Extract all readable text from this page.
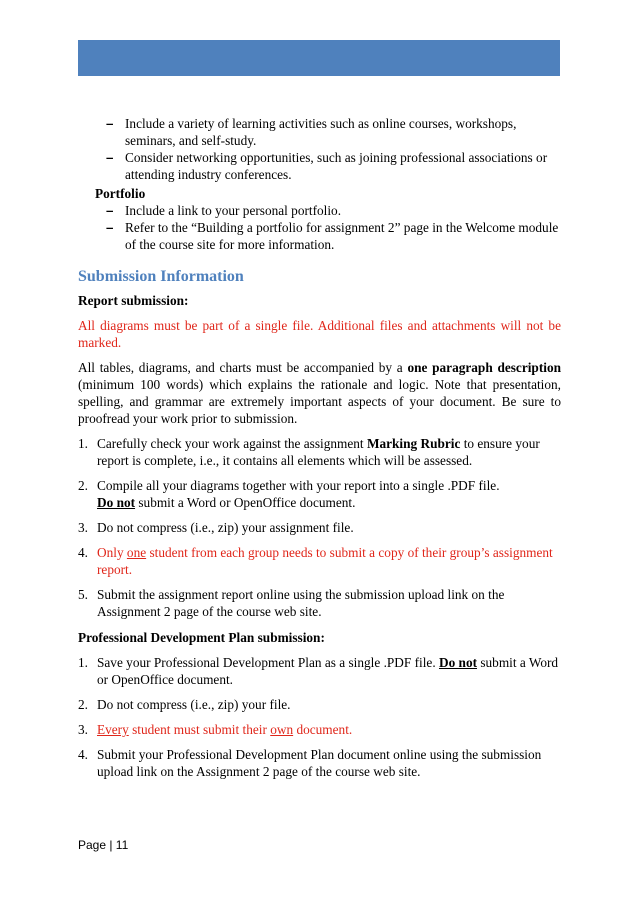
– Include a variety of learning activities such as online courses, workshops, seminars, and self-study.
– Consider networking opportunities, such as joining professional associations or attending industry conferences.
Portfolio
– Include a link to your personal portfolio.
– Refer to the “Building a portfolio for assignment 2” page in the Welcome module of the course site for more information.
Submission Information
Report submission:
All diagrams must be part of a single file. Additional files and attachments will not be marked.
All tables, diagrams, and charts must be accompanied by a one paragraph description (minimum 100 words) which explains the rationale and logic. Note that presentation, spelling, and grammar are extremely important aspects of your document. Be sure to proofread your work prior to submission.
1. Carefully check your work against the assignment Marking Rubric to ensure your report is complete, i.e., it contains all elements which will be assessed.
2. Compile all your diagrams together with your report into a single .PDF file.
Do not submit a Word or OpenOffice document.
3. Do not compress (i.e., zip) your assignment file.
4. Only one student from each group needs to submit a copy of their group’s assignment report.
5. Submit the assignment report online using the submission upload link on the Assignment 2 page of the course web site.
Professional Development Plan submission:
1. Save your Professional Development Plan as a single .PDF file. Do not submit a Word or OpenOffice document.
2. Do not compress (i.e., zip) your file.
3. Every student must submit their own document.
4. Submit your Professional Development Plan document online using the submission upload link on the Assignment 2 page of the course web site.
Page | 11
